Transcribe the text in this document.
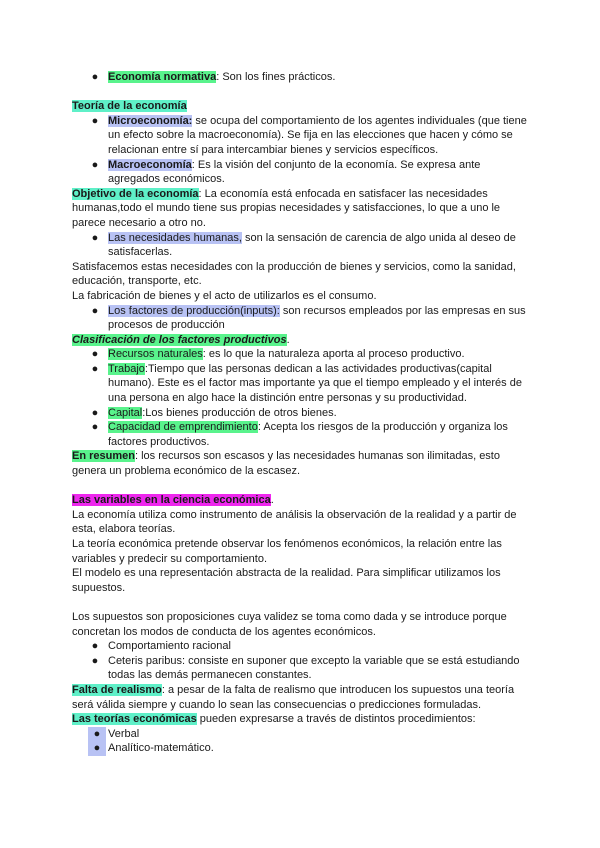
● Economía normativa: Son los fines prácticos.

Teoría de la economía

● Microeconomía: se ocupa del comportamiento de los agentes individuales (que tiene un efecto sobre la macroeconomía). Se fija en las elecciones que hacen y cómo se relacionan entre sí para intercambiar bienes y servicios específicos.
● Macroeconomía: Es la visión del conjunto de la economía. Se expresa ante agregados económicos.

Objetivo de la economía: La economía está enfocada en satisfacer las necesidades humanas,todo el mundo tiene sus propias necesidades y satisfacciones, lo que a uno le parece necesario a otro no.

● Las necesidades humanas, son la sensación de carencia de algo unida al deseo de satisfacerlas.

Satisfacemos estas necesidades con la producción de bienes y servicios, como la sanidad, educación, transporte, etc.

La fabricación de bienes y el acto de utilizarlos es el consumo.

● Los factores de producción(inputs): son recursos empleados por las empresas en sus procesos de producción

Clasificación de los factores productivos.

● Recursos naturales: es lo que la naturaleza aporta al proceso productivo.
● Trabajo:Tiempo que las personas dedican a las actividades productivas(capital humano). Este es el factor mas importante ya que el tiempo empleado y el interés de una persona en algo hace la distinción entre personas y su productividad.
● Capital:Los bienes producción de otros bienes.
● Capacidad de emprendimiento: Acepta los riesgos de la producción y organiza los factores productivos.

En resumen: los recursos son escasos y las necesidades humanas son ilimitadas, esto genera un problema económico de la escasez.

Las variables en la ciencia económica.

La economía utiliza como instrumento de análisis la observación de la realidad y a partir de esta, elabora teorías.

La teoría económica pretende observar los fenómenos económicos, la relación entre las variables y predecir su comportamiento.

El modelo es una representación abstracta de la realidad. Para simplificar utilizamos los supuestos.

Los supuestos son proposiciones cuya validez se toma como dada y se introduce porque concretan los modos de conducta de los agentes económicos.

● Comportamiento racional
● Ceteris paribus: consiste en suponer que excepto la variable que se está estudiando todas las demás permanecen constantes.

Falta de realismo: a pesar de la falta de realismo que introducen los supuestos una teoría será válida siempre y cuando lo sean las consecuencias o predicciones formuladas.

Las teorías económicas pueden expresarse a través de distintos procedimientos:

● Verbal
● Analítico-matemático.
